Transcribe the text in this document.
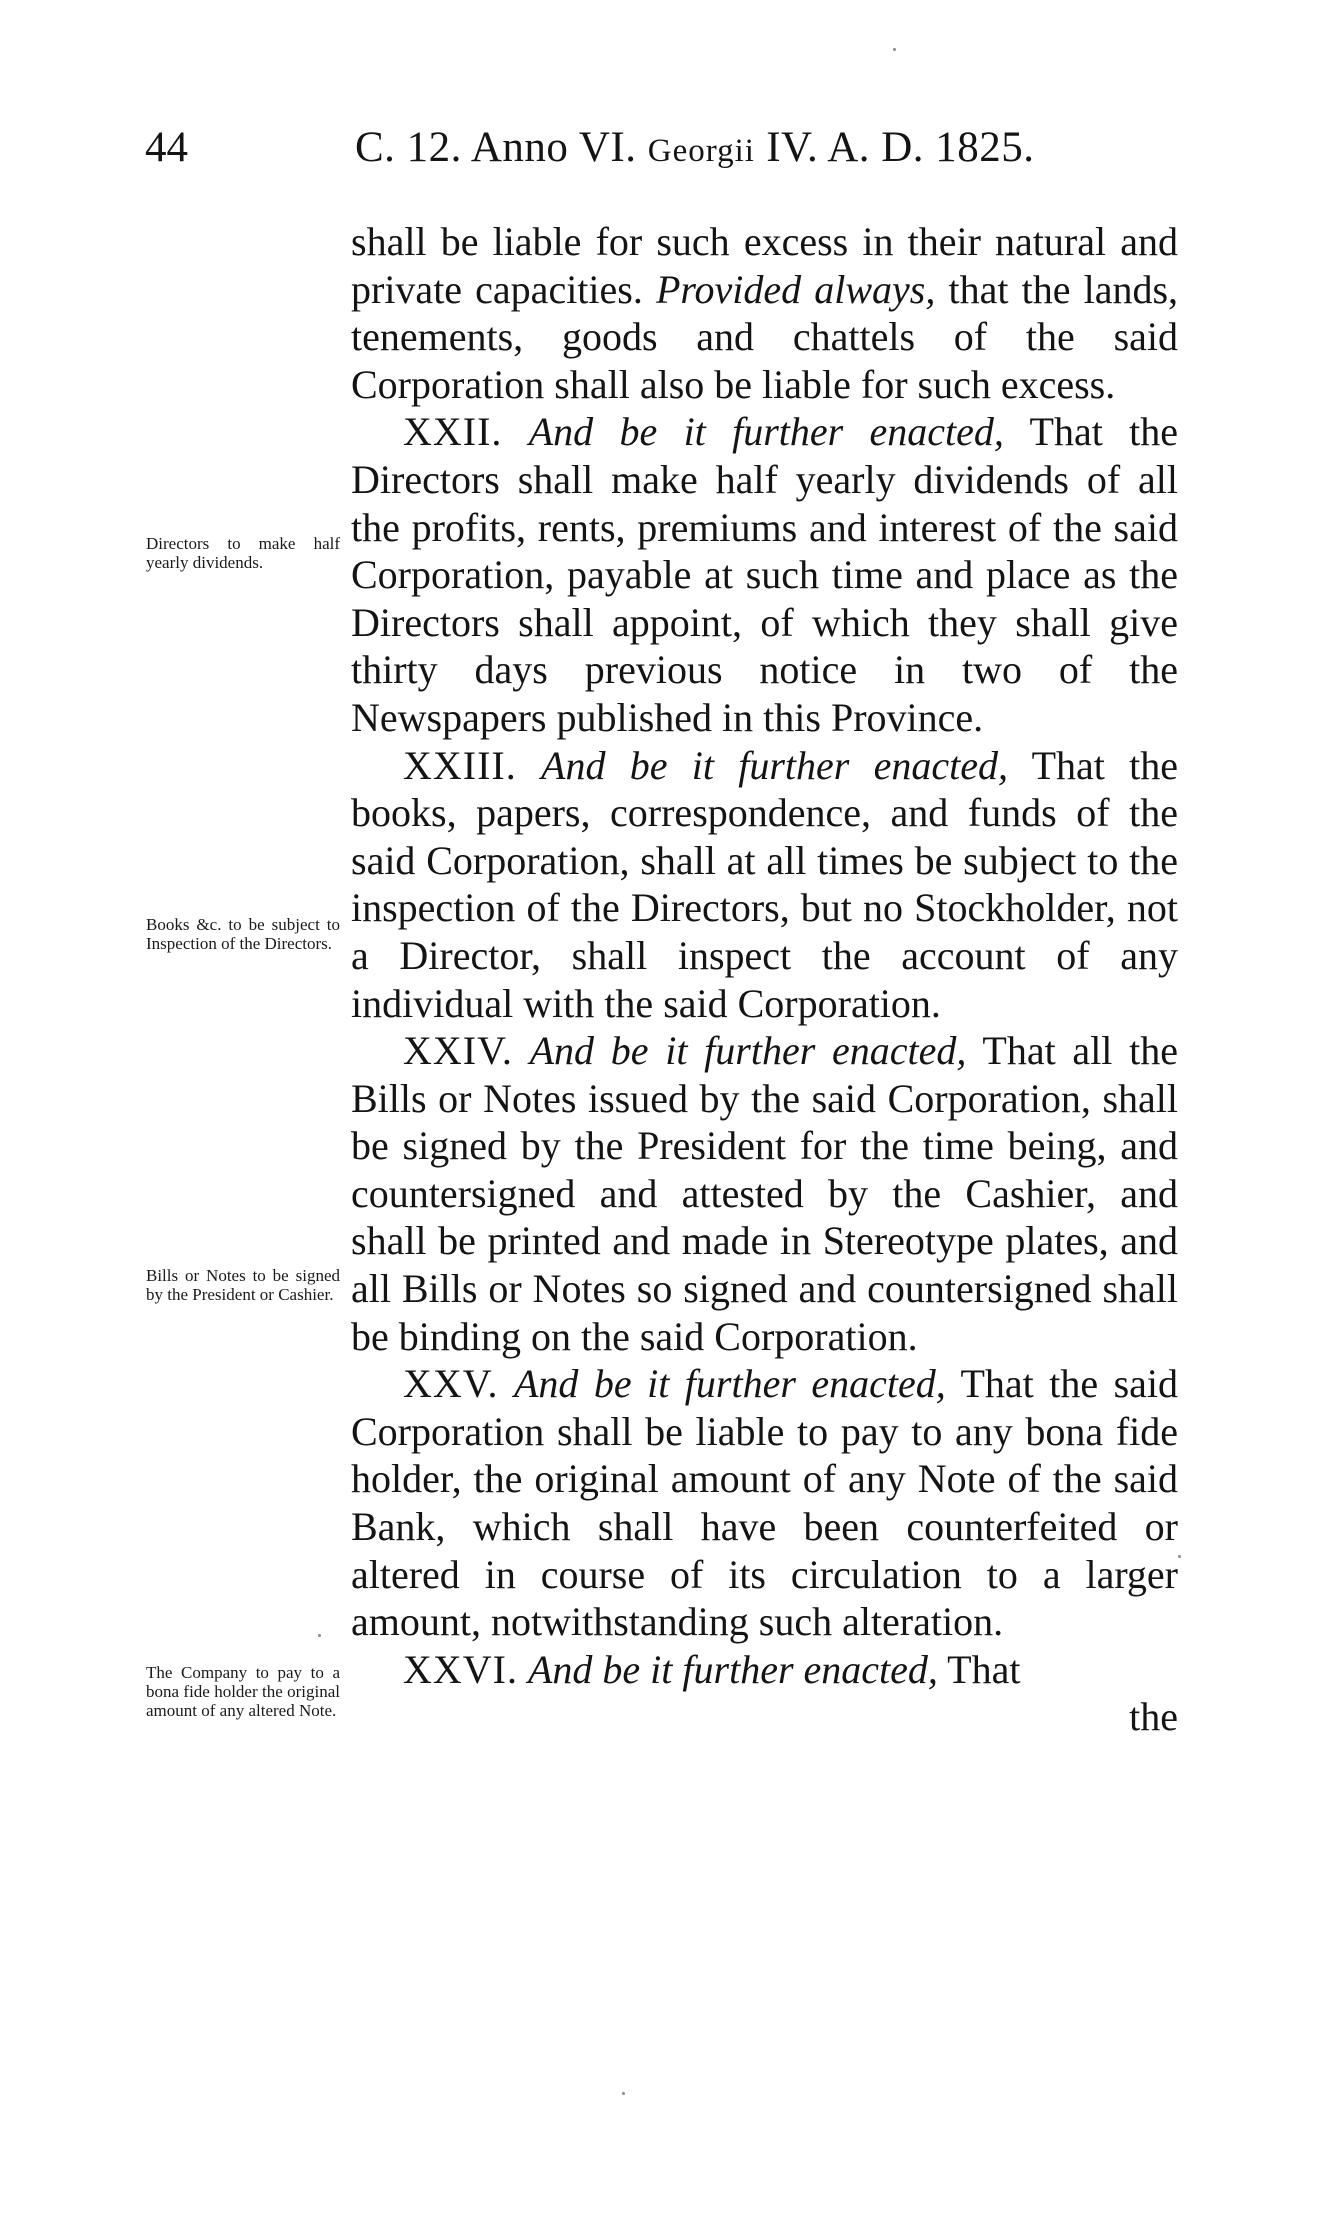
44	C. 12. Anno VI. Georgii IV. A. D. 1825.

shall be liable for such excess in their natural and private capacities. Provided always, that the lands, tenements, goods and chattels of the said Corporation shall also be liable for such excess.

XXII. And be it further enacted, That the Directors shall make half yearly dividends of all the profits, rents, premiums and interest of the said Corporation, payable at such time and place as the Directors shall appoint, of which they shall give thirty days previous notice in two of the Newspapers published in this Province.

XXIII. And be it further enacted, That the books, papers, correspondence, and funds of the said Corporation, shall at all times be subject to the inspection of the Directors, but no Stockholder, not a Director, shall inspect the account of any individual with the said Corporation.

XXIV. And be it further enacted, That all the Bills or Notes issued by the said Corporation, shall be signed by the President for the time being, and countersigned and attested by the Cashier, and shall be printed and made in Stereotype plates, and all Bills or Notes so signed and countersigned shall be binding on the said Corporation.

XXV. And be it further enacted, That the said Corporation shall be liable to pay to any bona fide holder, the original amount of any Note of the said Bank, which shall have been counterfeited or altered in course of its circulation to a larger amount, notwithstanding such alteration.

XXVI. And be it further enacted, That

the

Directors to make half yearly dividends.
Books &c. to be subject to Inspection of the Directors.
Bills or Notes to be signed by the President or Cashier.
The Company to pay to a bona fide holder the original amount of any altered Note.
